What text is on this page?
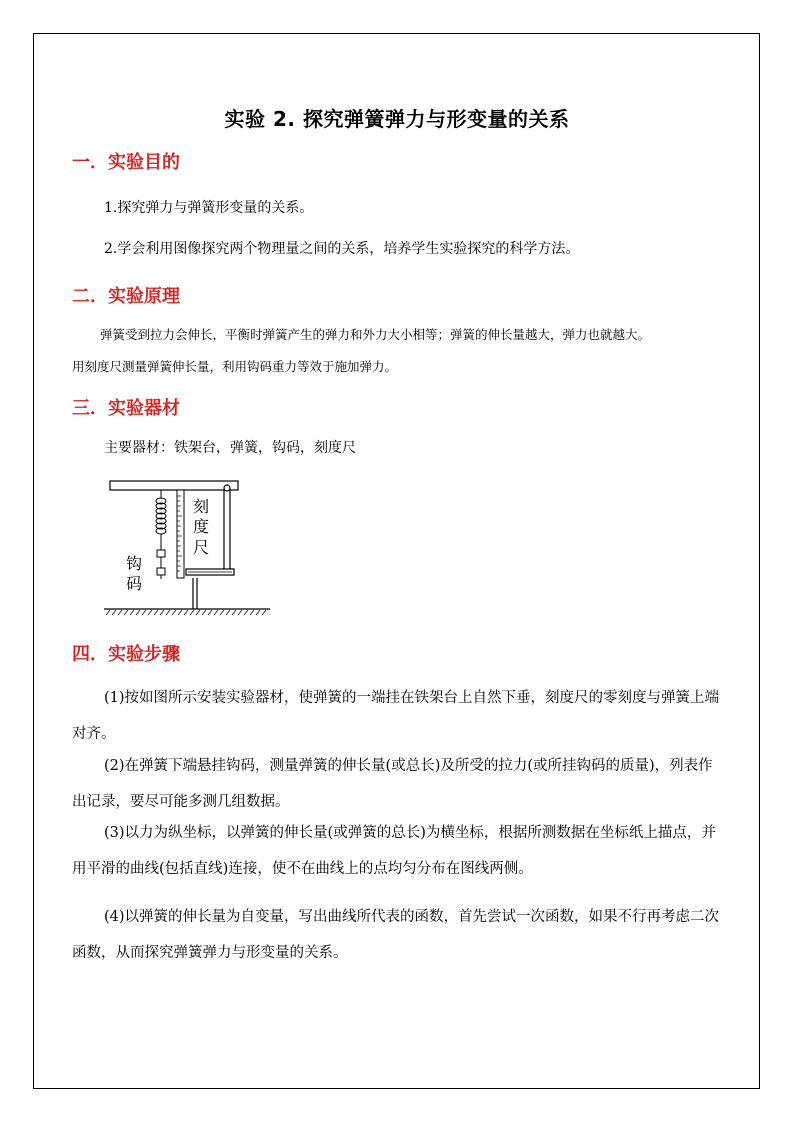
实验 2. 探究弹簧弹力与形变量的关系
一．实验目的
1.探究弹力与弹簧形变量的关系。
2.学会利用图像探究两个物理量之间的关系，培养学生实验探究的科学方法。
二．实验原理
弹簧受到拉力会伸长，平衡时弹簧产生的弹力和外力大小相等；弹簧的伸长量越大，弹力也就越大。
用刻度尺测量弹簧伸长量，利用钩码重力等效于施加弹力。
三．实验器材
主要器材：铁架台，弹簧，钩码，刻度尺
刻
度
尺
钩
码
四．实验步骤
(1)按如图所示安装实验器材，使弹簧的一端挂在铁架台上自然下垂，刻度尺的零刻度与弹簧上端对齐。
(2)在弹簧下端悬挂钩码，测量弹簧的伸长量(或总长)及所受的拉力(或所挂钩码的质量)，列表作出记录，要尽可能多测几组数据。
(3)以力为纵坐标，以弹簧的伸长量(或弹簧的总长)为横坐标，根据所测数据在坐标纸上描点，并用平滑的曲线(包括直线)连接，使不在曲线上的点均匀分布在图线两侧。
(4)以弹簧的伸长量为自变量，写出曲线所代表的函数，首先尝试一次函数，如果不行再考虑二次函数，从而探究弹簧弹力与形变量的关系。
